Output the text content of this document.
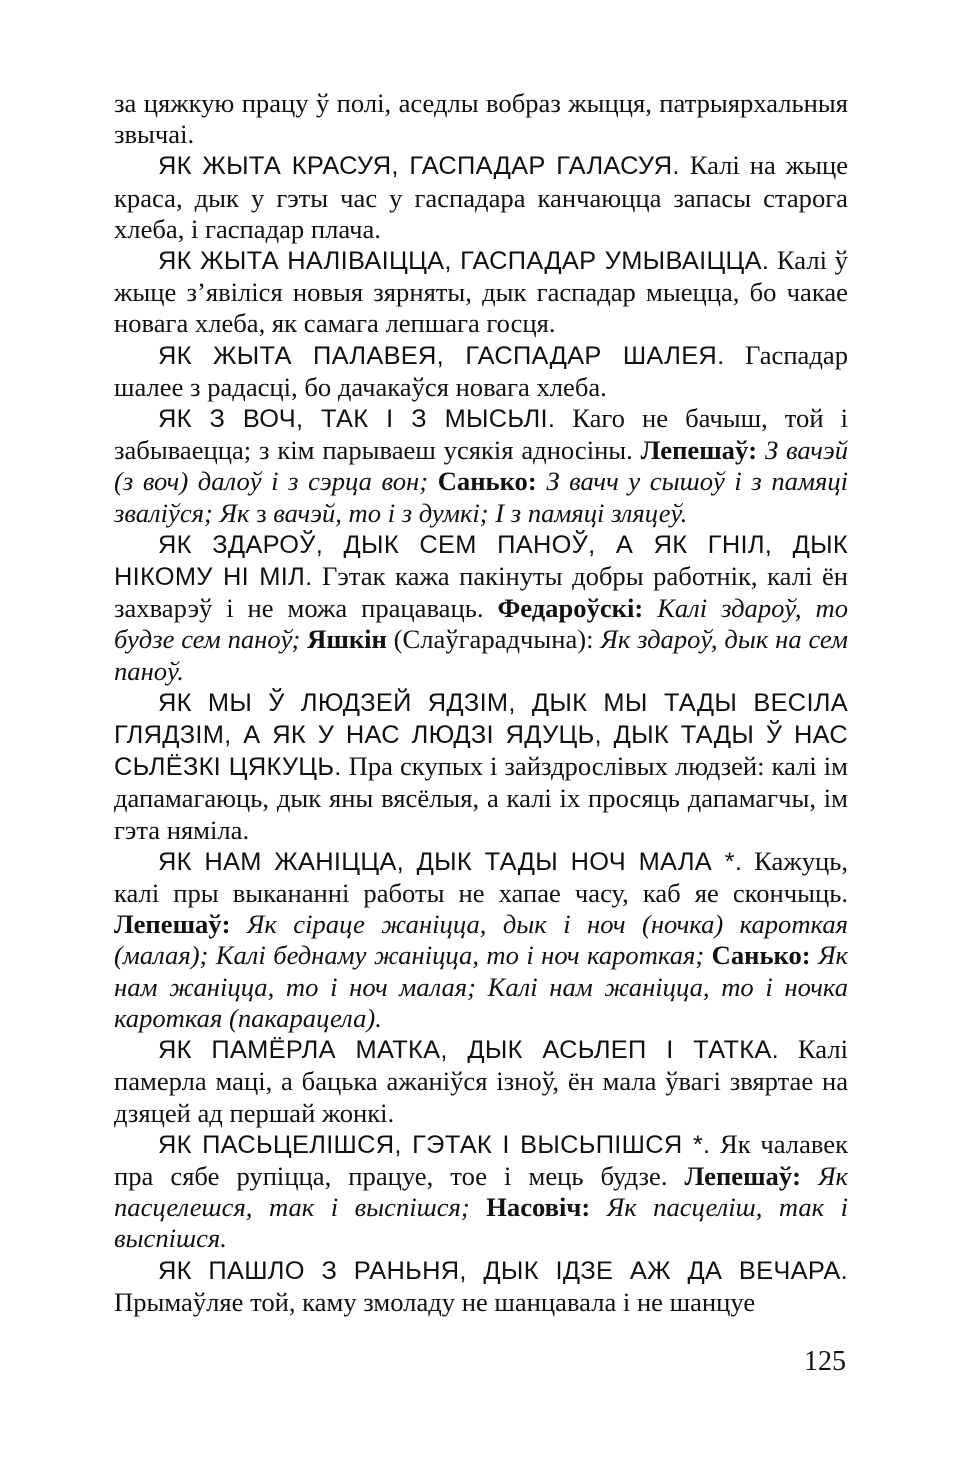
за цяжкую працу ў полі, аседлы вобраз жыцця, патрыярхальныя звычаі.

ЯК ЖЫТА КРАСУЯ, ГАСПАДАР ГАЛАСУЯ. Калі на жыце краса, дык у гэты час у гаспадара канчаюцца запасы старога хлеба, і гаспадар плача.

ЯК ЖЫТА НАЛІВАІЦЦА, ГАСПАДАР УМЫВАІЦЦА. Калі ў жыце з’явіліся новыя зярняты, дык гаспадар мыецца, бо чакае новага хлеба, як самага лепшага госця.

ЯК ЖЫТА ПАЛАВЕЯ, ГАСПАДАР ШАЛЕЯ. Гаспадар шалее з радасці, бо дачакаўся новага хлеба.

ЯК З ВОЧ, ТАК І З МЫСЬЛІ. Каго не бачыш, той і забываецца; з кім парываеш усякія адносіны. Лепешаў: З вачэй (з воч) далоў і з сэрца вон; Санько: З вачч у сышоў і з памяці зваліўся; Як з вачэй, то і з думкі; І з памяці зляцеў.

ЯК ЗДАРОЎ, ДЫК СЕМ ПАНОЎ, А ЯК ГНІЛ, ДЫК НІКОМУ НІ МІЛ. Гэтак кажа пакінуты добры работнік, калі ён захварэў і не можа працаваць. Федароўскі: Калі здароў, то будзе сем паноў; Яшкін (Слаўгарадчына): Як здароў, дык на сем паноў.

ЯК МЫ Ў ЛЮДЗЕЙ ЯДЗІМ, ДЫК МЫ ТАДЫ ВЕСІЛА ГЛЯДЗІМ, А ЯК У НАС ЛЮДЗІ ЯДУЦЬ, ДЫК ТАДЫ Ў НАС СЬЛЁЗКІ ЦЯКУЦЬ. Пра скупых і зайздрослівых людзей: калі ім дапамагаюць, дык яны вясёлыя, а калі іх просяць дапамагчы, ім гэта няміла.

ЯК НАМ ЖАНІЦЦА, ДЫК ТАДЫ НОЧ МАЛА *. Кажуць, калі пры выкананні работы не хапае часу, каб яе скончыць. Лепешаў: Як сіраце жаніцца, дык і ноч (ночка) кароткая (малая); Калі беднаму жаніцца, то і ноч кароткая; Санько: Як нам жаніцца, то і ноч малая; Калі нам жаніцца, то і ночка кароткая (пакарацела).

ЯК ПАМЁРЛА МАТКА, ДЫК АСЬЛЕП І ТАТКА. Калі памерла маці, а бацька ажаніўся ізноў, ён мала ўвагі звяртае на дзяцей ад першай жонкі.

ЯК ПАСЬЦЕЛІШСЯ, ГЭТАК І ВЫСЬПІШСЯ *. Як чалавек пра сябе рупіцца, працуе, тое і мець будзе. Лепешаў: Як пасцелешся, так і выспішся; Насовіч: Як пасцеліш, так і выспішся.

ЯК ПАШЛО З РАНЬНЯ, ДЫК ІДЗЕ АЖ ДА ВЕЧАРА. Прымаўляе той, каму змоладу не шанцавала і не шанцуе

125
